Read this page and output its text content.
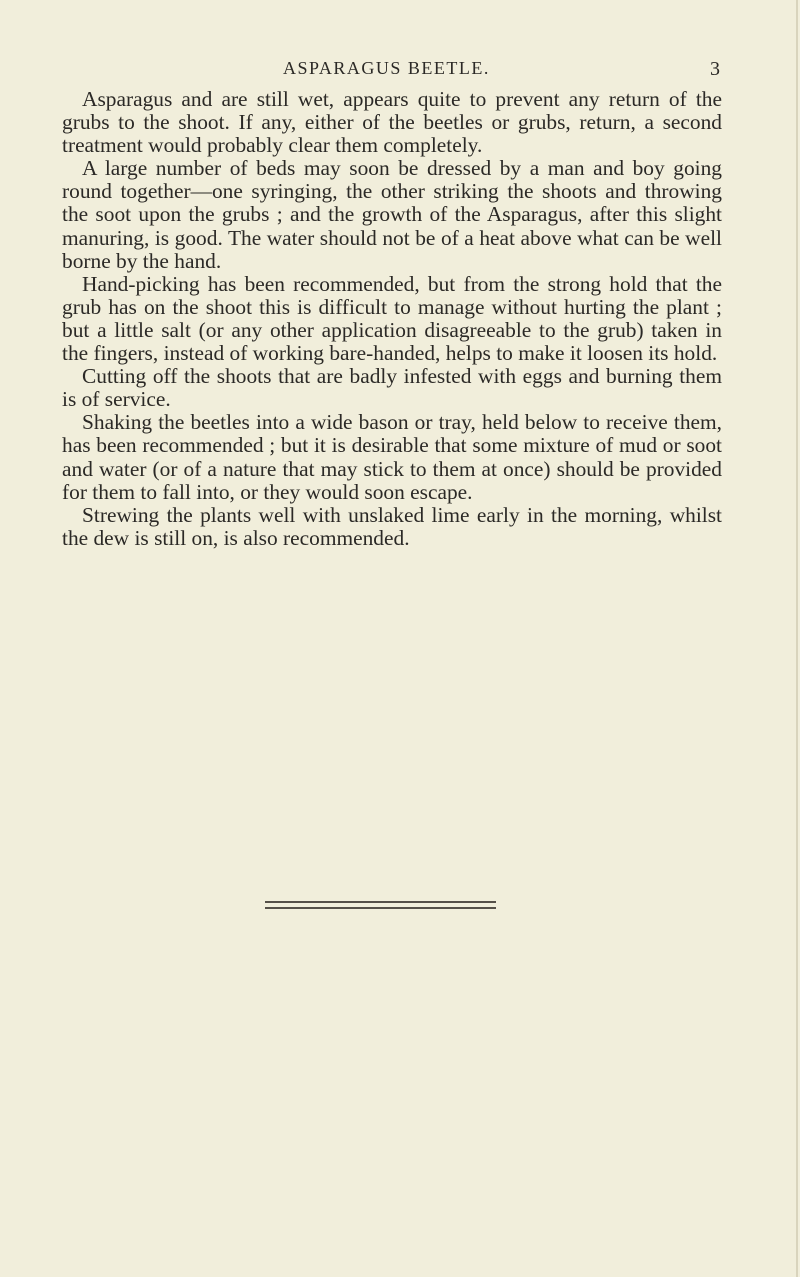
ASPARAGUS BEETLE.	3

Asparagus and are still wet, appears quite to prevent any return of the grubs to the shoot. If any, either of the beetles or grubs, return, a second treatment would probably clear them completely.

A large number of beds may soon be dressed by a man and boy going round together—one syringing, the other striking the shoots and throwing the soot upon the grubs ; and the growth of the Asparagus, after this slight manuring, is good. The water should not be of a heat above what can be well borne by the hand.

Hand-picking has been recommended, but from the strong hold that the grub has on the shoot this is difficult to manage without hurting the plant ; but a little salt (or any other application disagreeable to the grub) taken in the fingers, instead of working bare-handed, helps to make it loosen its hold.

Cutting off the shoots that are badly infested with eggs and burning them is of service.

Shaking the beetles into a wide bason or tray, held below to receive them, has been recommended ; but it is desirable that some mixture of mud or soot and water (or of a nature that may stick to them at once) should be provided for them to fall into, or they would soon escape.

Strewing the plants well with unslaked lime early in the morning, whilst the dew is still on, is also recommended.
